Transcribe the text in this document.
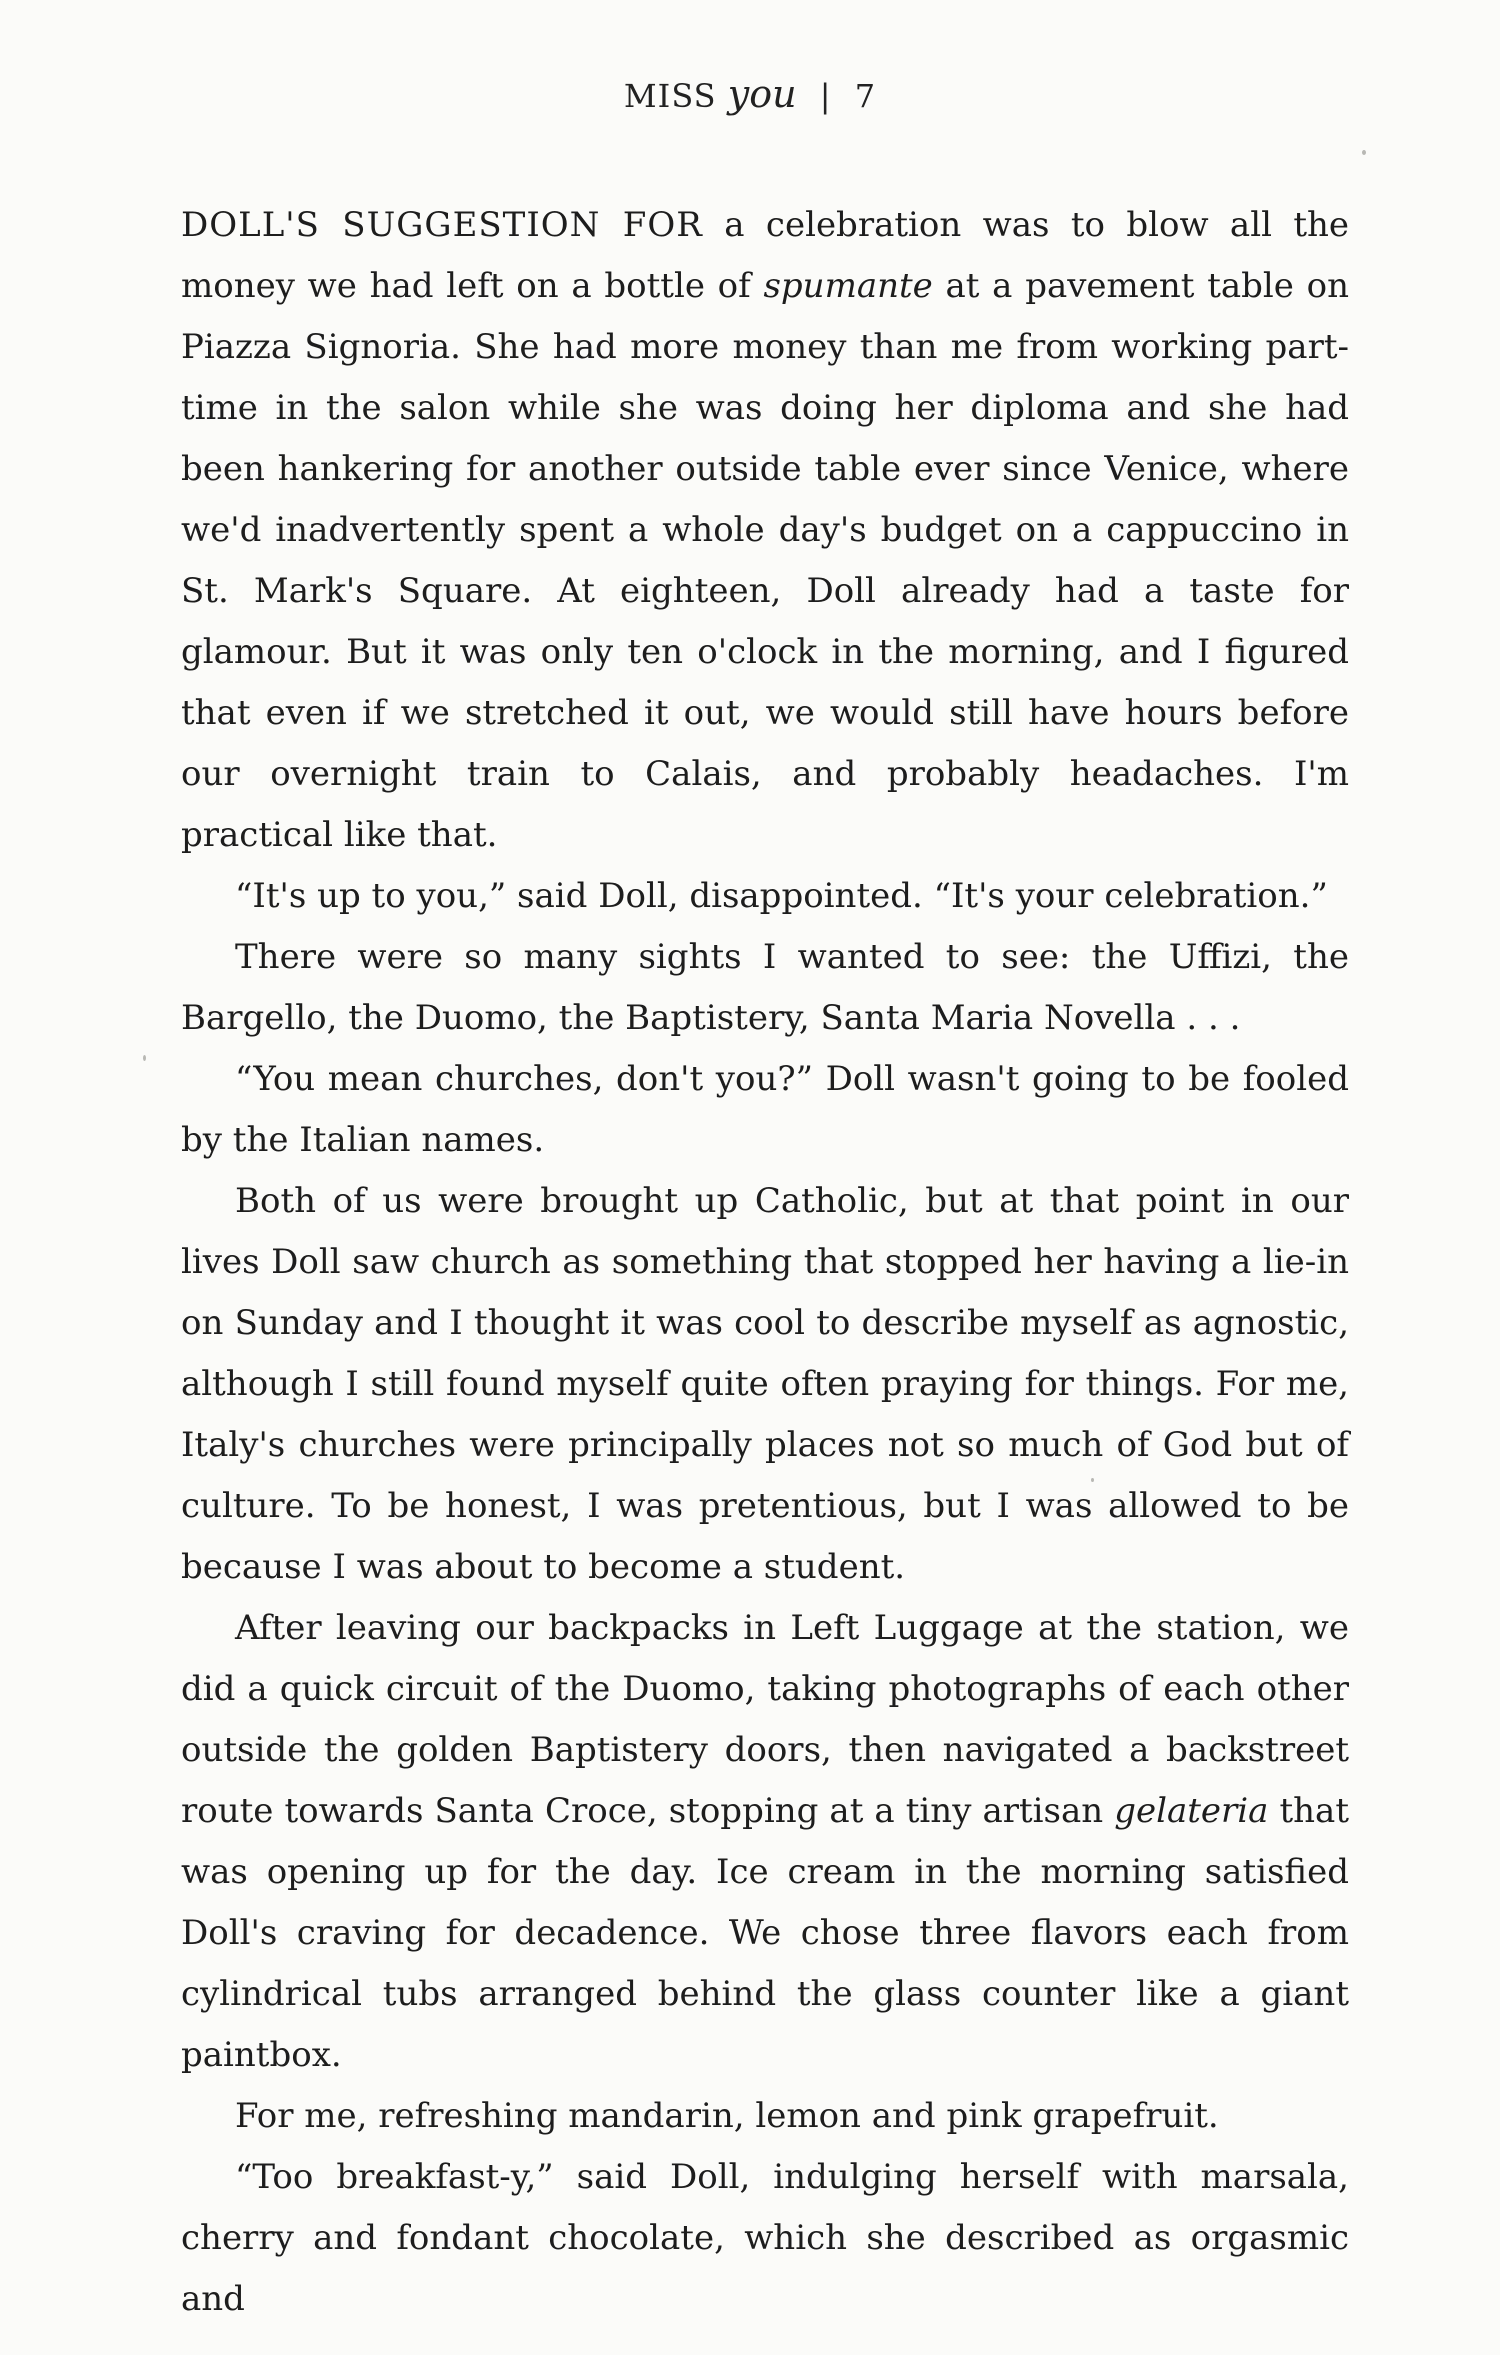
MISS you | 7

DOLL'S SUGGESTION FOR a celebration was to blow all the money we had left on a bottle of spumante at a pavement table on Piazza Signoria. She had more money than me from working part-time in the salon while she was doing her diploma and she had been hankering for another outside table ever since Venice, where we'd inadvertently spent a whole day's budget on a cappuccino in St. Mark's Square. At eighteen, Doll already had a taste for glamour. But it was only ten o'clock in the morning, and I figured that even if we stretched it out, we would still have hours before our overnight train to Calais, and probably headaches. I'm practical like that.

“It's up to you,” said Doll, disappointed. “It's your celebration.”

There were so many sights I wanted to see: the Uffizi, the Bargello, the Duomo, the Baptistery, Santa Maria Novella . . .

“You mean churches, don't you?” Doll wasn't going to be fooled by the Italian names.

Both of us were brought up Catholic, but at that point in our lives Doll saw church as something that stopped her having a lie-in on Sunday and I thought it was cool to describe myself as agnostic, although I still found myself quite often praying for things. For me, Italy's churches were principally places not so much of God but of culture. To be honest, I was pretentious, but I was allowed to be because I was about to become a student.

After leaving our backpacks in Left Luggage at the station, we did a quick circuit of the Duomo, taking photographs of each other outside the golden Baptistery doors, then navigated a backstreet route towards Santa Croce, stopping at a tiny artisan gelateria that was opening up for the day. Ice cream in the morning satisfied Doll's craving for decadence. We chose three flavors each from cylindrical tubs arranged behind the glass counter like a giant paintbox.

For me, refreshing mandarin, lemon and pink grapefruit.

“Too breakfast-y,” said Doll, indulging herself with marsala, cherry and fondant chocolate, which she described as orgasmic and
